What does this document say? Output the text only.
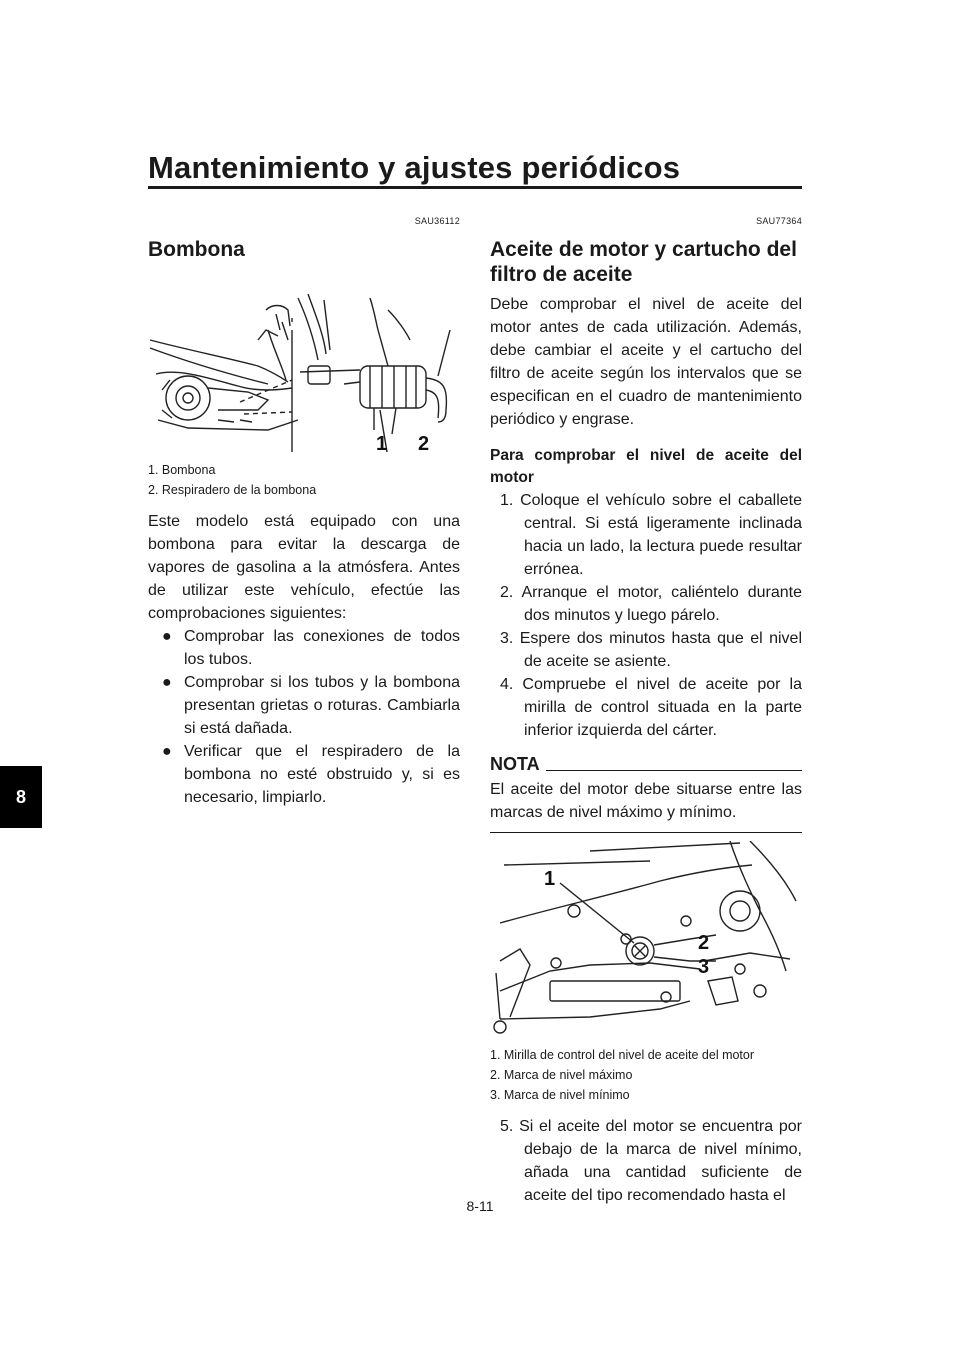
Mantenimiento y ajustes periódicos
8

SAU36112

Bombona
1 2
1. Bombona
2. Respiradero de la bombona

Este modelo está equipado con una bombona para evitar la descarga de vapores de gasolina a la atmósfera. Antes de utilizar este vehículo, efectúe las comprobaciones siguientes:

● Comprobar las conexiones de todos los tubos.
● Comprobar si los tubos y la bombona presentan grietas o roturas. Cambiarla si está dañada.
● Verificar que el respiradero de la bombona no esté obstruido y, si es necesario, limpiarlo.

SAU77364

Aceite de motor y cartucho del filtro de aceite

Debe comprobar el nivel de aceite del motor antes de cada utilización. Además, debe cambiar el aceite y el cartucho del filtro de aceite según los intervalos que se especifican en el cuadro de mantenimiento periódico y engrase.

Para comprobar el nivel de aceite del motor

1. Coloque el vehículo sobre el caballete central. Si está ligeramente inclinada hacia un lado, la lectura puede resultar errónea.
2. Arranque el motor, caliéntelo durante dos minutos y luego párelo.
3. Espere dos minutos hasta que el nivel de aceite se asiente.
4. Compruebe el nivel de aceite por la mirilla de control situada en la parte inferior izquierda del cárter.
NOTA

El aceite del motor debe situarse entre las marcas de nivel máximo y mínimo.

1
2
3
1. Mirilla de control del nivel de aceite del motor
2. Marca de nivel máximo
3. Marca de nivel mínimo
5. Si el aceite del motor se encuentra por debajo de la marca de nivel mínimo, añada una cantidad suficiente de aceite del tipo recomendado hasta el
8-11
